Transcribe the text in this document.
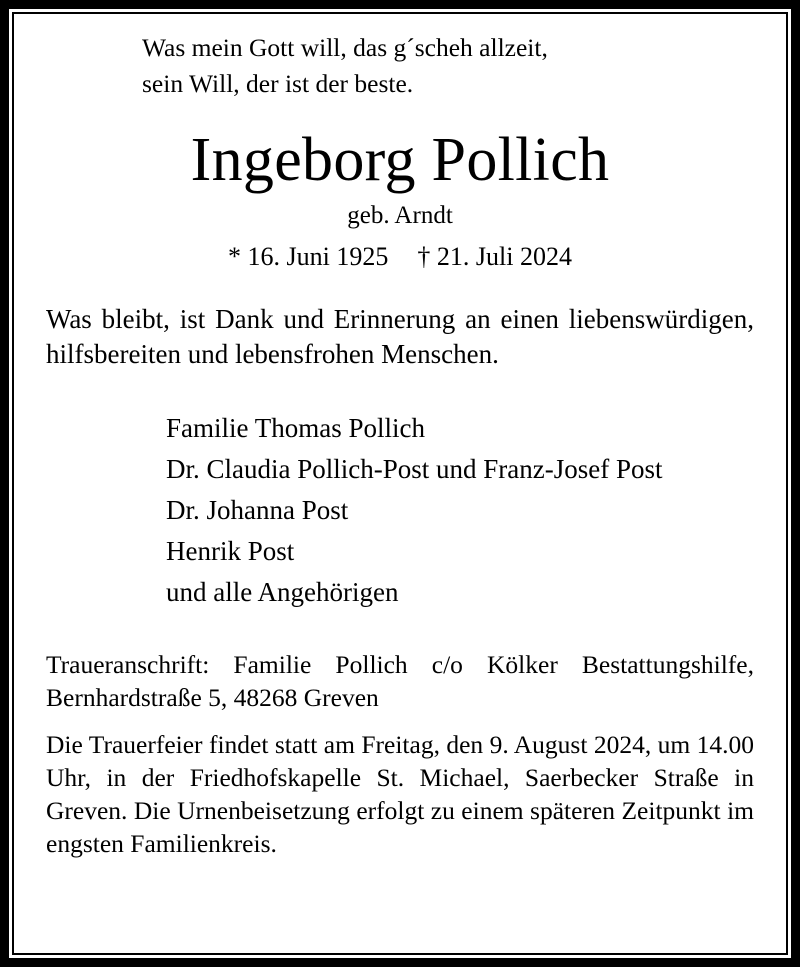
Was mein Gott will, das g´scheh allzeit,
sein Will, der ist der beste.
Ingeborg Pollich
geb. Arndt
* 16. Juni 1925 † 21. Juli 2024

Was bleibt, ist Dank und Erinnerung an einen liebenswürdigen, hilfsbereiten und lebensfrohen Menschen.

Familie Thomas Pollich
Dr. Claudia Pollich-Post und Franz-Josef Post
Dr. Johanna Post
Henrik Post
und alle Angehörigen

Traueranschrift: Familie Pollich c/o Kölker Bestattungshilfe, Bernhardstraße 5, 48268 Greven

Die Trauerfeier findet statt am Freitag, den 9. August 2024, um 14.00 Uhr, in der Friedhofskapelle St. Michael, Saerbecker Straße in Greven. Die Urnenbeisetzung erfolgt zu einem späteren Zeitpunkt im engsten Familienkreis.
